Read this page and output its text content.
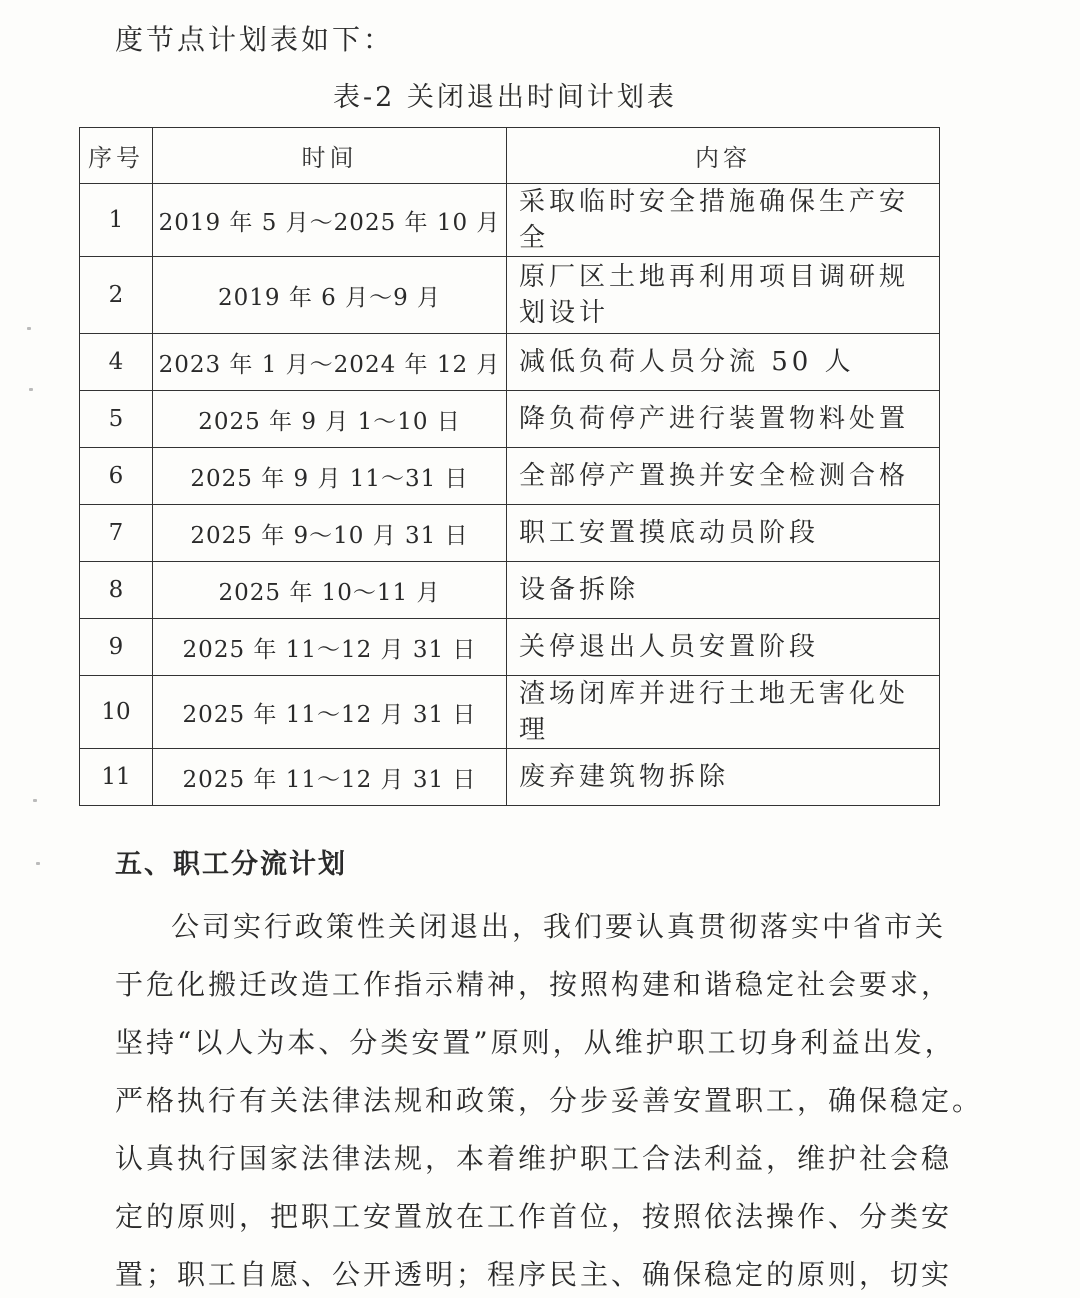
度节点计划表如下：
表-2 关闭退出时间计划表
序号	时间	内容
1	2019 年 5 月～2025 年 10 月	采取临时安全措施确保生产安全
2	2019 年 6 月～9 月	原厂区土地再利用项目调研规划设计
4	2023 年 1 月～2024 年 12 月	减低负荷人员分流 50 人
5	2025 年 9 月 1～10 日	降负荷停产进行装置物料处置
6	2025 年 9 月 11～31 日	全部停产置换并安全检测合格
7	2025 年 9～10 月 31 日	职工安置摸底动员阶段
8	2025 年 10～11 月	设备拆除
9	2025 年 11～12 月 31 日	关停退出人员安置阶段
10	2025 年 11～12 月 31 日	渣场闭库并进行土地无害化处理
11	2025 年 11～12 月 31 日	废弃建筑物拆除
五、职工分流计划
公司实行政策性关闭退出，我们要认真贯彻落实中省市关
于危化搬迁改造工作指示精神，按照构建和谐稳定社会要求，
坚持“以人为本、分类安置”原则，从维护职工切身利益出发，
严格执行有关法律法规和政策，分步妥善安置职工，确保稳定。
认真执行国家法律法规，本着维护职工合法利益，维护社会稳
定的原则，把职工安置放在工作首位，按照依法操作、分类安
置；职工自愿、公开透明；程序民主、确保稳定的原则，切实
